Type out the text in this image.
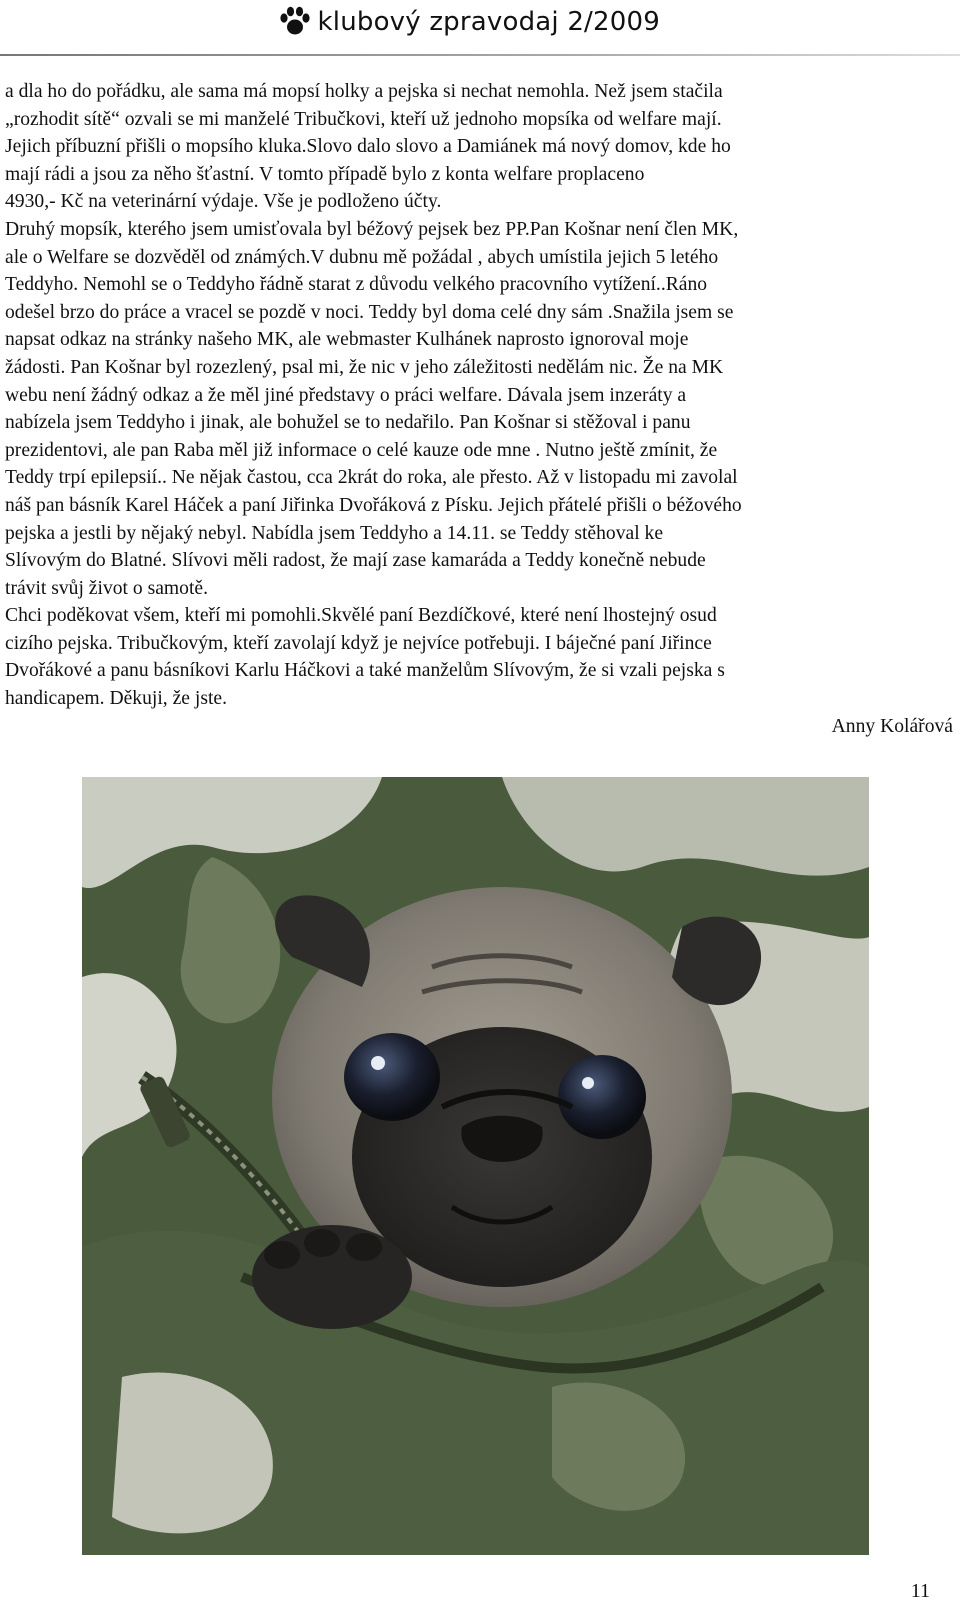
klubový zpravodaj 2/2009

a dla ho do pořádku, ale sama má mopsí holky a pejska si nechat nemohla. Než jsem stačila
„rozhodit sítě“ ozvali se mi manželé Tribučkovi, kteří už jednoho mopsíka od welfare mají.
Jejich příbuzní přišli o mopsího kluka.Slovo dalo slovo a Damiánek má nový domov, kde ho
mají rádi a jsou za něho šťastní. V tomto případě bylo z konta welfare proplaceno
4930,- Kč na veterinární výdaje. Vše je podloženo účty.

Druhý mopsík, kterého jsem umisťovala byl béžový pejsek bez PP.Pan Košnar není člen MK,
ale o Welfare se dozvěděl od známých.V dubnu mě požádal , abych umístila jejich 5 letého
Teddyho. Nemohl se o Teddyho řádně starat z důvodu velkého pracovního vytížení..Ráno
odešel brzo do práce a vracel se pozdě v noci. Teddy byl doma celé dny sám .Snažila jsem se
napsat odkaz na stránky našeho MK, ale webmaster Kulhánek naprosto ignoroval moje
žádosti. Pan Košnar byl rozezlený, psal mi, že nic v jeho záležitosti nedělám nic. Že na MK
webu není žádný odkaz a že měl jiné představy o práci welfare. Dávala jsem inzeráty a
nabízela jsem Teddyho i jinak, ale bohužel se to nedařilo. Pan Košnar si stěžoval i panu
prezidentovi, ale pan Raba měl již informace o celé kauze ode mne . Nutno ještě zmínit, že
Teddy trpí epilepsií.. Ne nějak častou, cca 2krát do roka, ale přesto. Až v listopadu mi zavolal
náš pan básník Karel Háček a paní Jiřinka Dvořáková z Písku. Jejich přátelé přišli o béžového
pejska a jestli by nějaký nebyl. Nabídla jsem Teddyho a 14.11. se Teddy stěhoval ke
Slívovým do Blatné. Slívovi měli radost, že mají zase kamaráda a Teddy konečně nebude
trávit svůj život o samotě.

Chci poděkovat všem, kteří mi pomohli.Skvělé paní Bezdíčkové, které není lhostejný osud
cizího pejska. Tribučkovým, kteří zavolají když je nejvíce potřebuji. I báječné paní Jiřince
Dvořákové a panu básníkovi Karlu Háčkovi a také manželům Slívovým, že si vzali pejska s
handicapem. Děkuji, že jste.

Anny Kolářová

11
